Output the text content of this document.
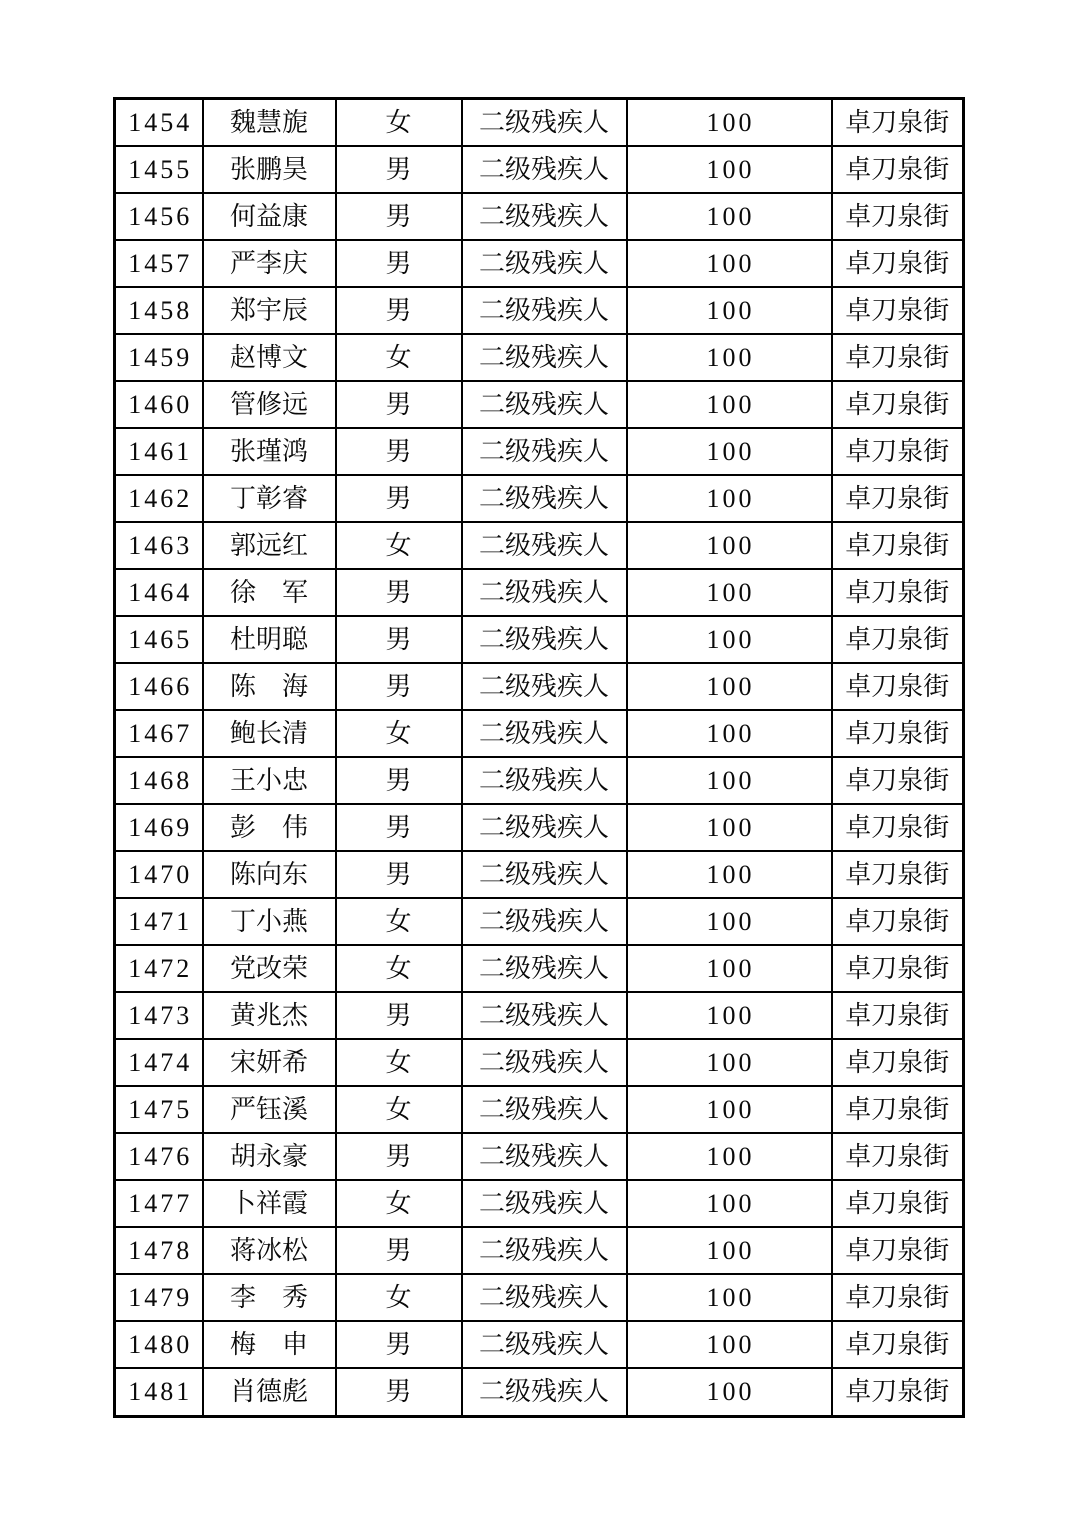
1454	魏慧旎	女	二级残疾人	100	卓刀泉街
1455	张鹏昊	男	二级残疾人	100	卓刀泉街
1456	何益康	男	二级残疾人	100	卓刀泉街
1457	严李庆	男	二级残疾人	100	卓刀泉街
1458	郑宇辰	男	二级残疾人	100	卓刀泉街
1459	赵博文	女	二级残疾人	100	卓刀泉街
1460	管修远	男	二级残疾人	100	卓刀泉街
1461	张瑾鸿	男	二级残疾人	100	卓刀泉街
1462	丁彰睿	男	二级残疾人	100	卓刀泉街
1463	郭远红	女	二级残疾人	100	卓刀泉街
1464	徐军	男	二级残疾人	100	卓刀泉街
1465	杜明聪	男	二级残疾人	100	卓刀泉街
1466	陈海	男	二级残疾人	100	卓刀泉街
1467	鲍长清	女	二级残疾人	100	卓刀泉街
1468	王小忠	男	二级残疾人	100	卓刀泉街
1469	彭伟	男	二级残疾人	100	卓刀泉街
1470	陈向东	男	二级残疾人	100	卓刀泉街
1471	丁小燕	女	二级残疾人	100	卓刀泉街
1472	党改荣	女	二级残疾人	100	卓刀泉街
1473	黄兆杰	男	二级残疾人	100	卓刀泉街
1474	宋妍希	女	二级残疾人	100	卓刀泉街
1475	严钰溪	女	二级残疾人	100	卓刀泉街
1476	胡永豪	男	二级残疾人	100	卓刀泉街
1477	卜祥霞	女	二级残疾人	100	卓刀泉街
1478	蒋冰松	男	二级残疾人	100	卓刀泉街
1479	李秀	女	二级残疾人	100	卓刀泉街
1480	梅申	男	二级残疾人	100	卓刀泉街
1481	肖德彪	男	二级残疾人	100	卓刀泉街
